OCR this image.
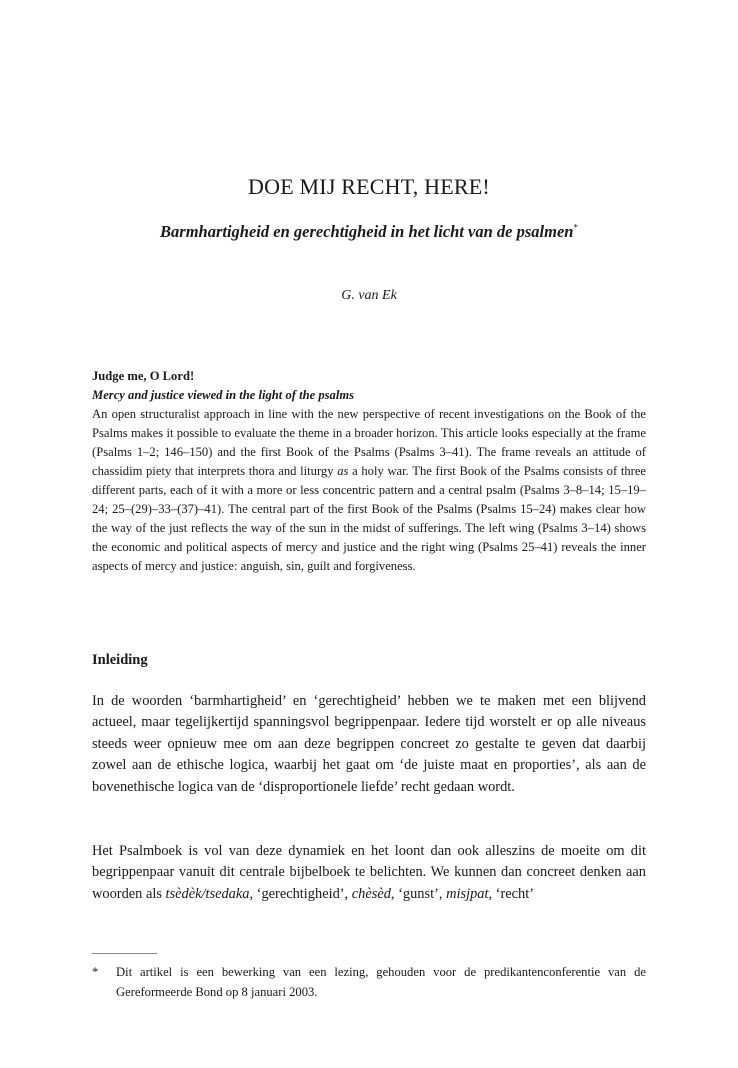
DOE MIJ RECHT, HERE!
Barmhartigheid en gerechtigheid in het licht van de psalmen*
G. van Ek
Judge me, O Lord!
Mercy and justice viewed in the light of the psalms

An open structuralist approach in line with the new perspective of recent investigations on the Book of the Psalms makes it possible to evaluate the theme in a broader horizon. This article looks especially at the frame (Psalms 1–2; 146–150) and the first Book of the Psalms (Psalms 3–41). The frame reveals an attitude of chassidim piety that interprets thora and liturgy as a holy war. The first Book of the Psalms consists of three different parts, each of it with a more or less concentric pattern and a central psalm (Psalms 3–8–14; 15–19–24; 25–(29)–33–(37)–41). The central part of the first Book of the Psalms (Psalms 15–24) makes clear how the way of the just reflects the way of the sun in the midst of sufferings. The left wing (Psalms 3–14) shows the economic and political aspects of mercy and justice and the right wing (Psalms 25–41) reveals the inner aspects of mercy and justice: anguish, sin, guilt and forgiveness.

Inleiding

In de woorden ‘barmhartigheid’ en ‘gerechtigheid’ hebben we te maken met een blijvend actueel, maar tegelijkertijd spanningsvol begrippenpaar. Iedere tijd worstelt er op alle niveaus steeds weer opnieuw mee om aan deze begrippen concreet zo gestalte te geven dat daarbij zowel aan de ethische logica, waarbij het gaat om ‘de juiste maat en proporties’, als aan de bovenethische logica van de ‘disproportionele liefde’ recht gedaan wordt.

Het Psalmboek is vol van deze dynamiek en het loont dan ook alleszins de moeite om dit begrippenpaar vanuit dit centrale bijbelboek te belichten. We kunnen dan concreet denken aan woorden als tsèdèk/tsedaka, ‘gerechtigheid’, chèsèd, ‘gunst’, misjpat, ‘recht’

* Dit artikel is een bewerking van een lezing, gehouden voor de predikantenconferentie van de Gereformeerde Bond op 8 januari 2003.
